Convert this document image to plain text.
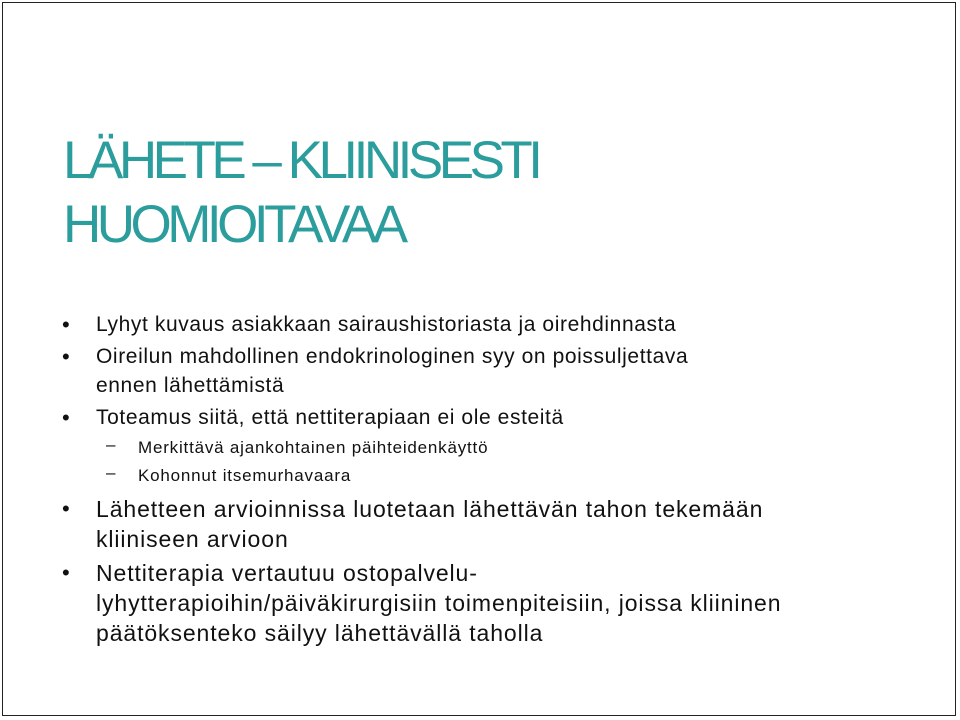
LÄHETE – KLIINISESTI
HUOMIOITAVAA
• Lyhyt kuvaus asiakkaan sairaushistoriasta ja oirehdinnasta
• Oireilun mahdollinen endokrinologinen syy on poissuljettava
ennen lähettämistä
• Toteamus siitä, että nettiterapiaan ei ole esteitä
– Merkittävä ajankohtainen päihteidenkäyttö
– Kohonnut itsemurhavaara
• Lähetteen arvioinnissa luotetaan lähettävän tahon tekemään
kliiniseen arvioon
• Nettiterapia vertautuu ostopalvelu-
lyhytterapioihin/päiväkirurgisiin toimenpiteisiin, joissa kliininen
päätöksenteko säilyy lähettävällä taholla
